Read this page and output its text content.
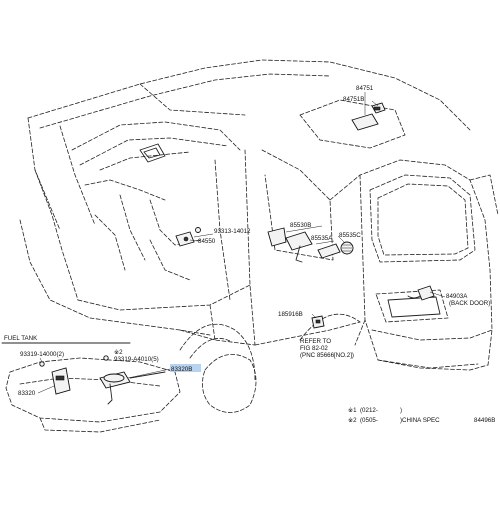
FUEL TANK
84751
84751B
85530B
85535A 85535C
93313-14012
84550
185916B
84903A
(BACK DOOR)
REFER TO
FIG 82-02
(PNC 85666[NO.2])
93319-14000(2)	※2
93319-A4010(5)
83320
83320B
※1 (0212-	)
※2 (0505-	)CHINA SPEC	84496B
